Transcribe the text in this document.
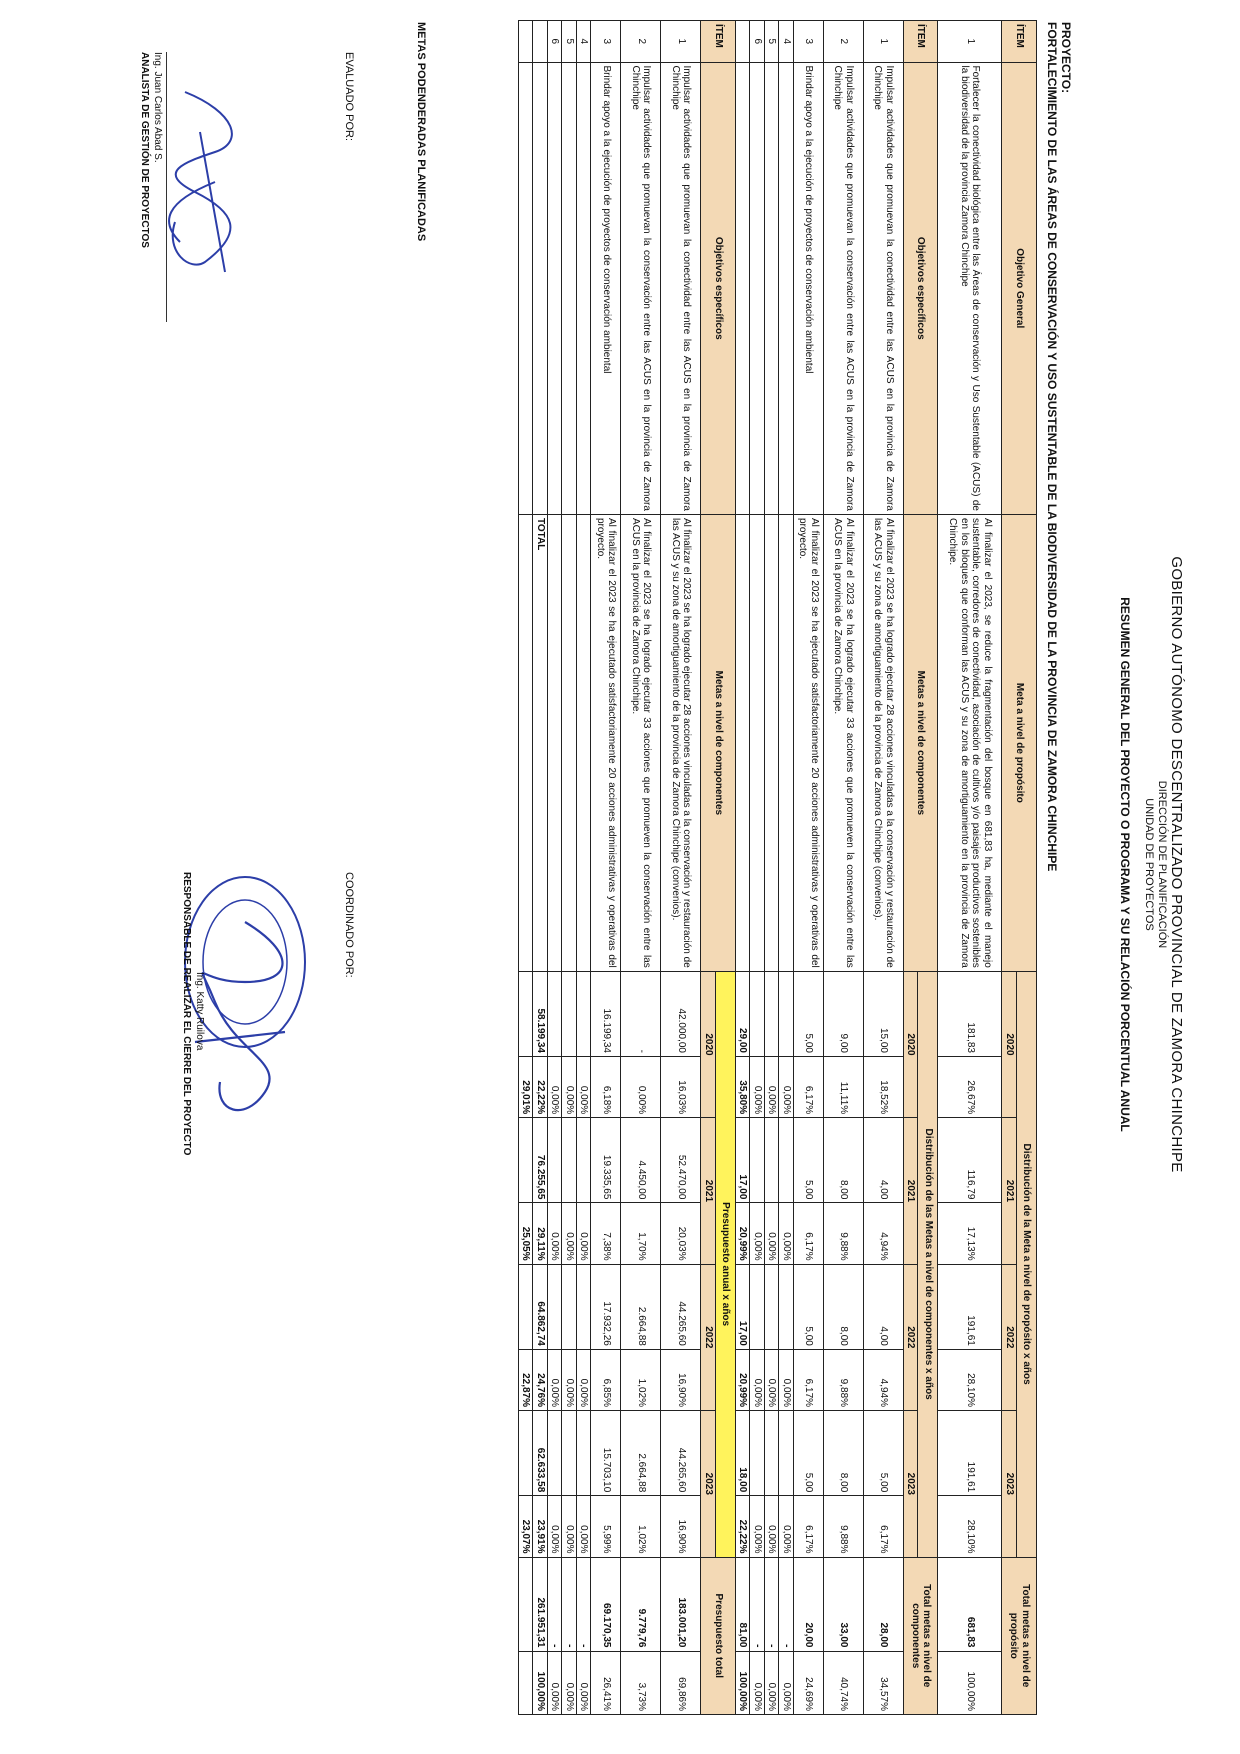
GOBIERNO AUTÓNOMO DESCENTRALIZADO PROVINCIAL DE ZAMORA CHINCHIPE
DIRECCIÓN DE PLANIFICACIÓN
UNIDAD DE PROYECTOS
RESUMEN GENERAL DEL PROYECTO O PROGRAMA Y SU RELACIÓN PORCENTUAL ANUAL
PROYECTO:
FORTALECIMIENTO DE LAS ÁREAS DE CONSERVACIÓN Y USO SUSTENTABLE DE LA BIODIVERSIDAD DE LA PROVINCIA DE ZAMORA CHINCHIPE
ÍTEM	Objetivo General	Meta a nivel de propósito	Distribución de la Meta a nivel de propósito x años								Total metas a nivel de propósito	
			2020		2021		2022		2023			
1	Fortalecer la conectividad biológica entre las Áreas de conservación y Uso Sustentable (ACUS) de la biodiversidad de la provincia Zamora Chinchipe	Al finalizar el 2023, se reduce la fragmentación del bosque en 681,83 ha, mediante el manejo sustentable, corredores de conectividad, asociación de cultivos y/o paisajes productivos sostenibles en los bloques que conforman las ACUS y su zona de amortiguamiento en la provincia de Zamora Chinchipe.	181,83	26,67%	116,79	17,13%	191,61	28,10%	191,61	28,10%	681,83	100,00%
ÍTEM	Objetivos específicos	Metas a nivel de componentes	Distribución de las Metas a nivel de componentes x años								Total metas a nivel de componentes	
			2020		2021		2022		2023			
1	Impulsar actividades que promuevan la conectividad entre las ACUS en la provincia de Zamora Chinchipe	Al finalizar el 2023 se ha logrado ejecutar 28 acciones vinculadas a la conservación y restauración de las ACUS y su zona de amortiguamiento de la provincia de Zamora Chinchipe (convenios).	15,00	18,52%	4,00	4,94%	4,00	4,94%	5,00	6,17%	28,00	34,57%
2	Impulsar actividades que promuevan la conservación entre las ACUS en la provincia de Zamora Chinchipe	Al finalizar el 2023 se ha logrado ejecutar 33 acciones que promueven la conservación entre las ACUS en la provincia de Zamora Chinchipe.	9,00	11,11%	8,00	9,88%	8,00	9,88%	8,00	9,88%	33,00	40,74%
3	Brindar apoyo a la ejecución de proyectos de conservación ambiental	Al finalizar el 2023 se ha ejecutado satisfactoriamente 20 acciones administrativas y operativas del proyecto.	5,00	6,17%	5,00	6,17%	5,00	6,17%	5,00	6,17%	20,00	24,69%
4				0,00%		0,00%		0,00%		0,00%	-	0,00%
5				0,00%		0,00%		0,00%		0,00%	-	0,00%
6				0,00%		0,00%		0,00%		0,00%	-	0,00%
			29,00	35,80%	17,00	20,99%	17,00	20,99%	18,00	22,22%	81,00	100,00%
ÍTEM	Objetivos específicos	Metas a nivel de componentes	Presupuesto anual x años								Presupuesto total	
			2020		2021		2022		2023			
1	Impulsar actividades que promuevan la conectividad entre las ACUS en la provincia de Zamora Chinchipe	Al finalizar el 2023 se ha logrado ejecutar 28 acciones vinculadas a la conservación y restauración de las ACUS y su zona de amortiguamiento de la provincia de Zamora Chinchipe (convenios).	42.000,00	16,03%	52.470,00	20,03%	44.265,60	16,90%	44.265,60	16,90%	183.001,20	69,86%
2	Impulsar actividades que promuevan la conservación entre las ACUS en la provincia de Zamora Chinchipe	Al finalizar el 2023 se ha logrado ejecutar 33 acciones que promueven la conservación entre las ACUS en la provincia de Zamora Chinchipe.	-	0,00%	4.450,00	1,70%	2.664,88	1,02%	2.664,88	1,02%	9.779,76	3,73%
3	Brindar apoyo a la ejecución de proyectos de conservación ambiental	Al finalizar el 2023 se ha ejecutado satisfactoriamente 20 acciones administrativas y operativas del proyecto.	16.199,34	6,18%	19.335,65	7,38%	17.932,26	6,85%	15.703,10	5,99%	69.170,35	26,41%
4				0,00%		0,00%		0,00%		0,00%	-	0,00%
5				0,00%		0,00%		0,00%		0,00%	-	0,00%
6				0,00%		0,00%		0,00%		0,00%	-	0,00%
		TOTAL	58.199,34	22,22%	76.255,65	29,11%	64.862,74	24,76%	62.633,58	23,91%	261.951,31	100,00%
				29,01%		25,05%		22,87%		23,07%		
METAS PODENDERADAS PLANIFICADAS
EVALUADO POR:
Ing. Juan Carlos Abad S.
ANALISTA DE GESTIÓN DE PROYECTOS
COORDINADO POR:
Ing. Katty Ruilova
RESPONSABLE DE REALIZAR EL CIERRE DEL PROYECTO
